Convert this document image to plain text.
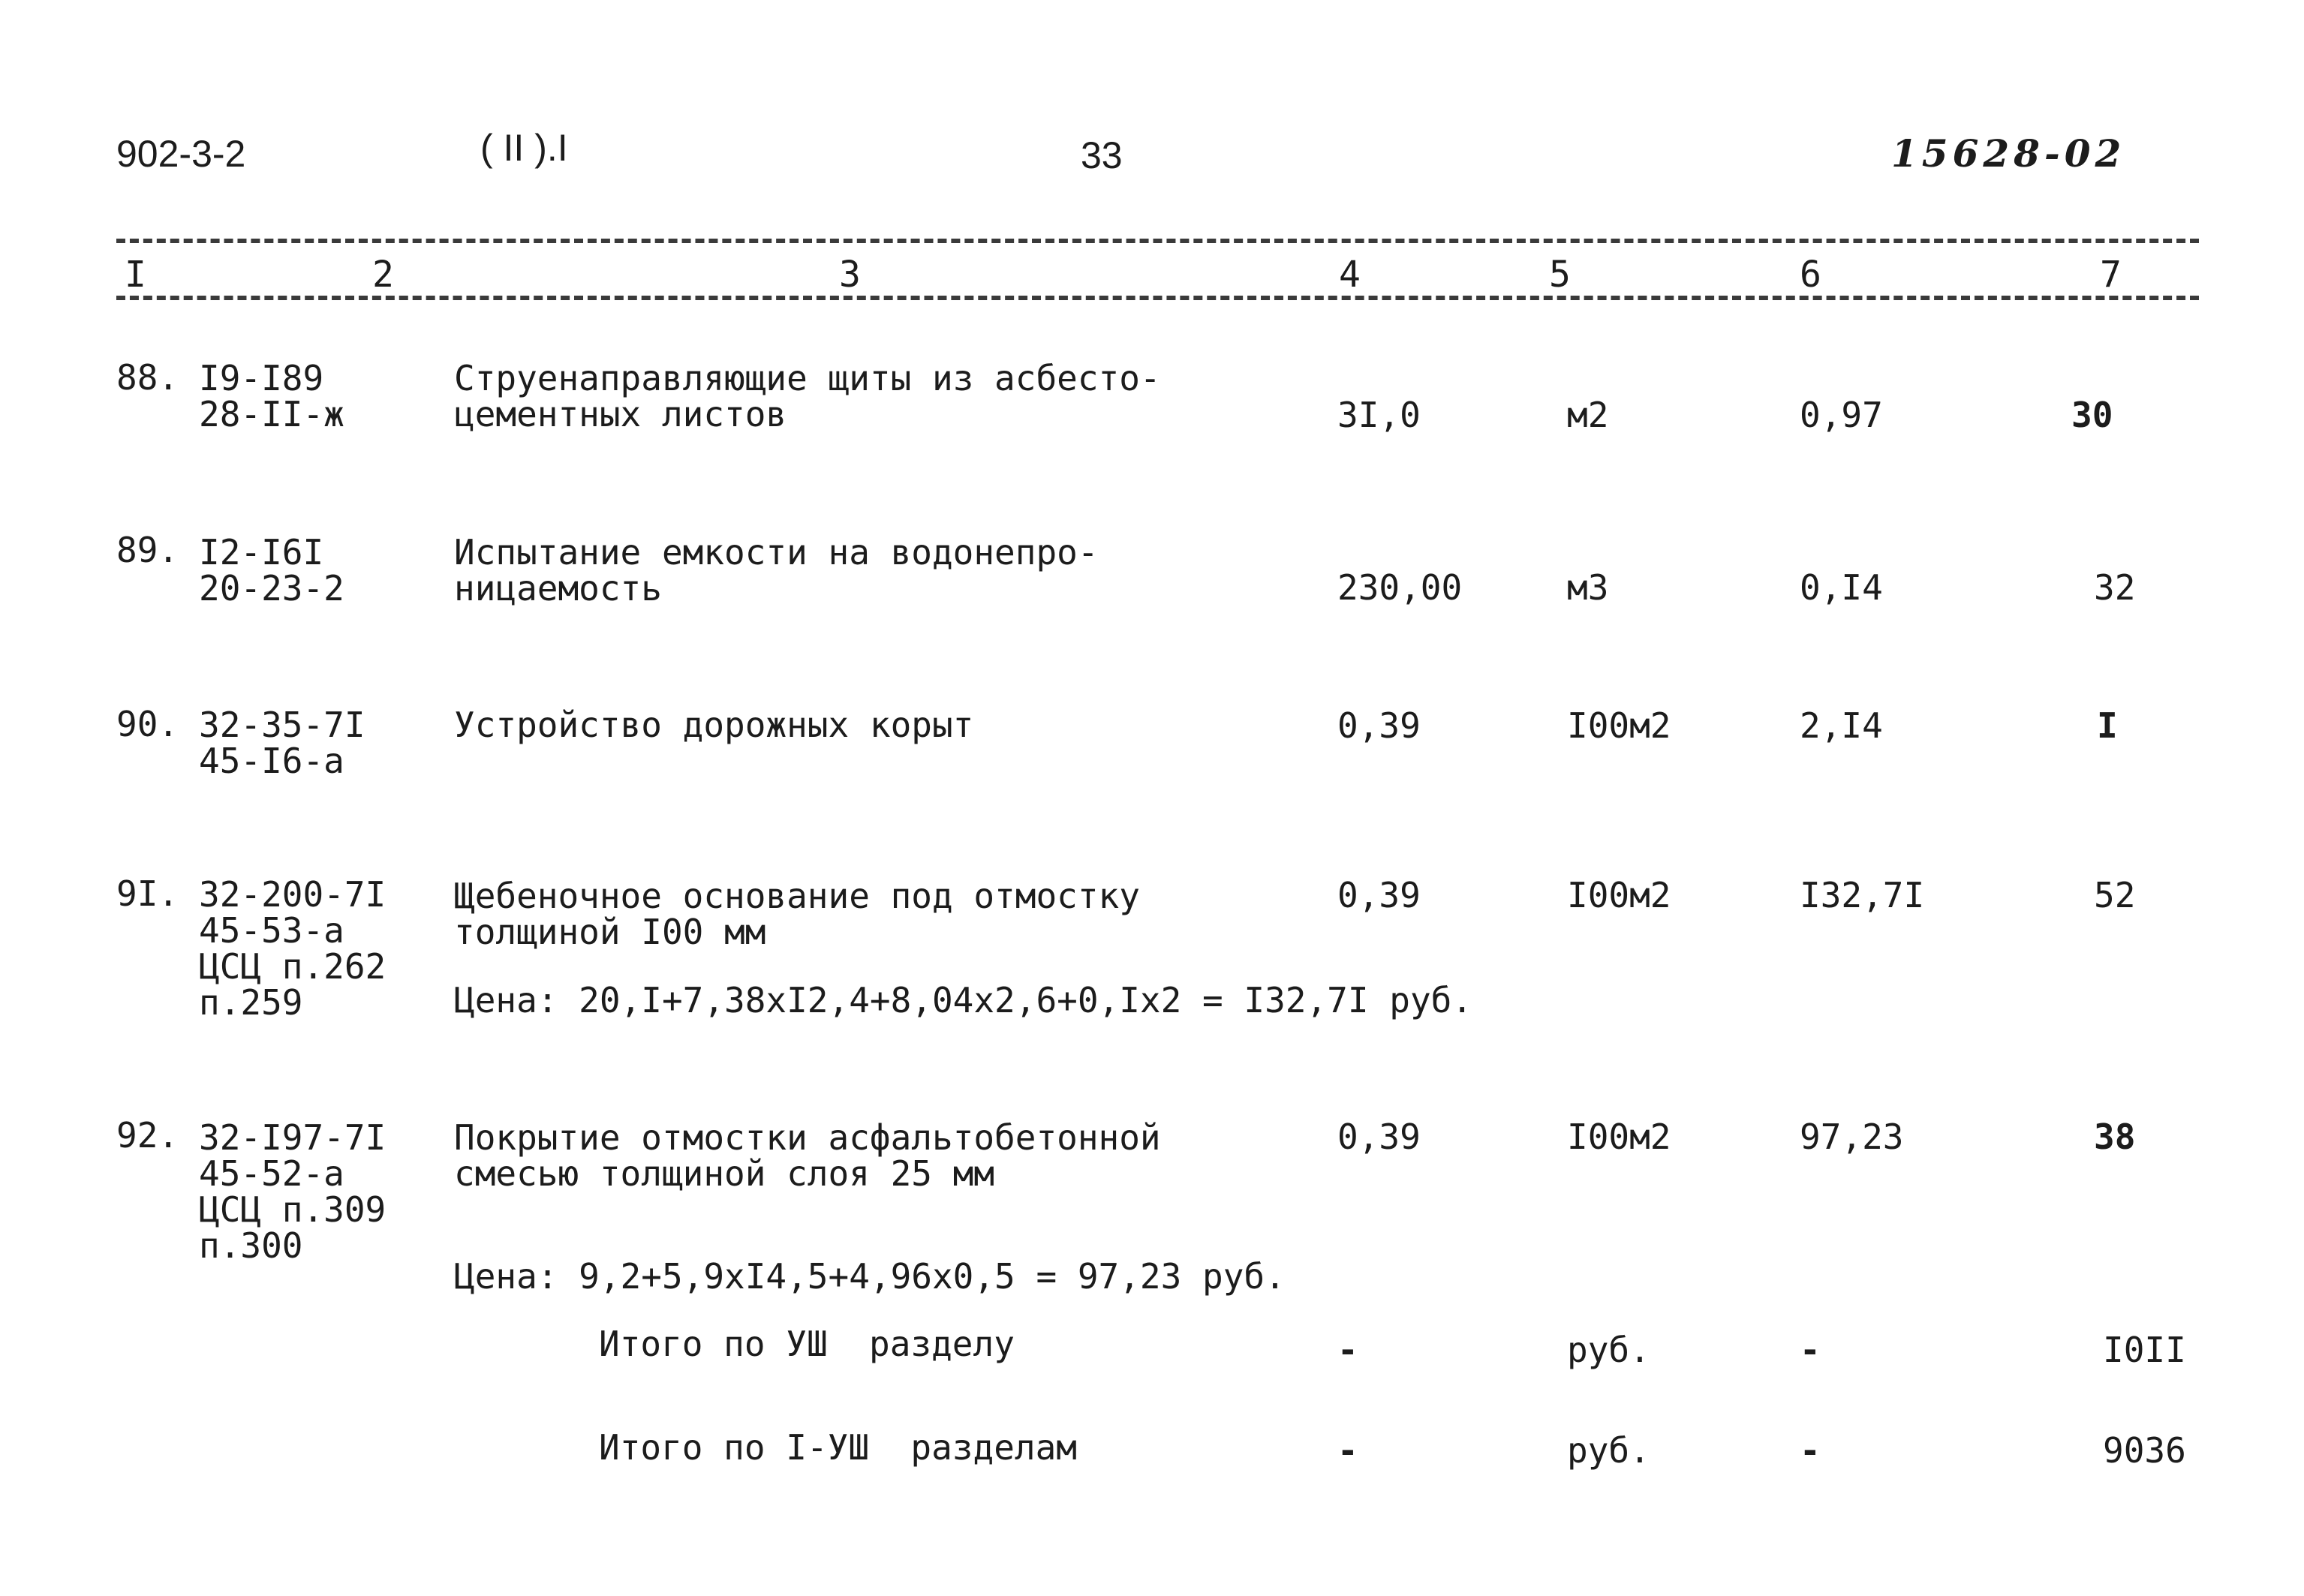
902-3-2	( II ).I	33	15628-02
I	2	3	4	5	6	7
88. I9-I89
28-II-ж
Струенаправляющие щиты из асбесто-
цементных листов	3I,0	м2	0,97	30
89. I2-I6I
20-23-2
Испытание емкости на водонепро-
ницаемость	230,00	м3	0,I4	32
90. 32-35-7I
45-I6-а
Устройство дорожных корыт	0,39	I00м2	2,I4	I
9I. 32-200-7I
45-53-а
ЦСЦ п.262
п.259
Щебеночное основание под отмостку
толщиной I00 мм
Цена: 20,I+7,38xI2,4+8,04x2,6+0,Ix2 = I32,7I руб.
0,39	I00м2	I32,7I	52
92. 32-I97-7I
45-52-а
ЦСЦ п.309
п.300
Покрытие отмостки асфальтобетонной
смесью толщиной слоя 25 мм
Цена: 9,2+5,9xI4,5+4,96x0,5 = 97,23 руб.
0,39	I00м2	97,23	38
Итого по УШ  разделу	-	руб.	-	I0II
Итого по I-УШ  разделам	-	руб.	-	9036
